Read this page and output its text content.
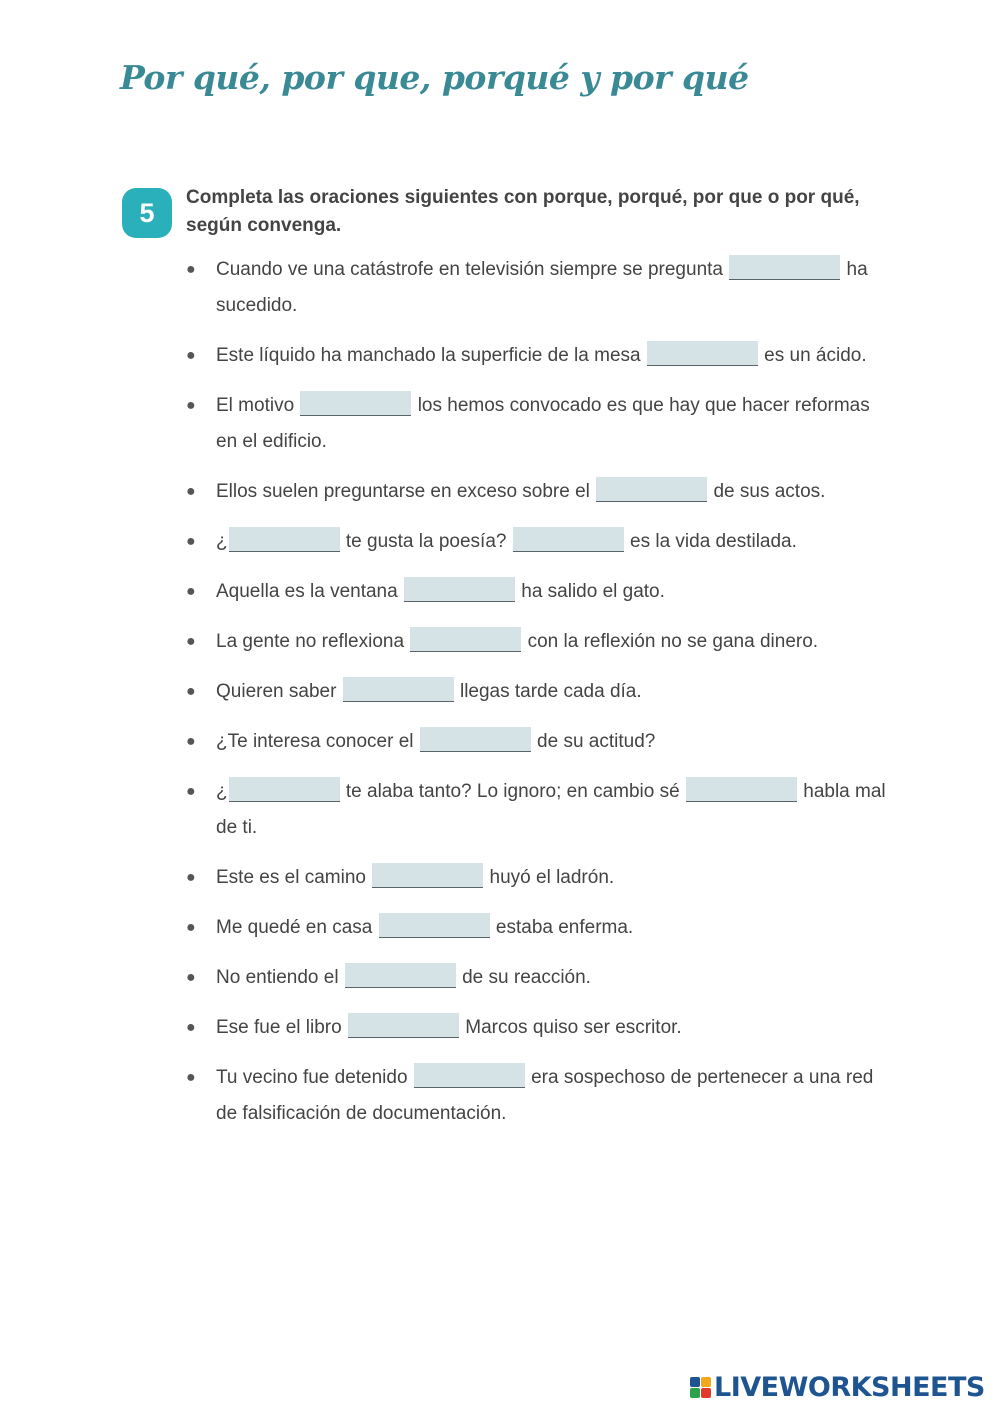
Por qué, por que, porqué y por qué
5	Completa las oraciones siguientes con porque, porqué, por que o por qué, según convenga.

● Cuando ve una catástrofe en televisión siempre se pregunta	ha sucedido.
● Este líquido ha manchado la superficie de la mesa	es un ácido.
● El motivo	los hemos convocado es que hay que hacer reformas en el edificio.
● Ellos suelen preguntarse en exceso sobre el	de sus actos.
● ¿	te gusta la poesía?	es la vida destilada.
● Aquella es la ventana	ha salido el gato.
● La gente no reflexiona	con la reflexión no se gana dinero.
● Quieren saber	llegas tarde cada día.
● ¿Te interesa conocer el	de su actitud?
● ¿	te alaba tanto? Lo ignoro; en cambio sé	habla mal de ti.
● Este es el camino	huyó el ladrón.
● Me quedé en casa	estaba enferma.
● No entiendo el	de su reacción.
● Ese fue el libro	Marcos quiso ser escritor.
● Tu vecino fue detenido	era sospechoso de pertenecer a una red de falsificación de documentación.
LIVEWORKSHEETS
